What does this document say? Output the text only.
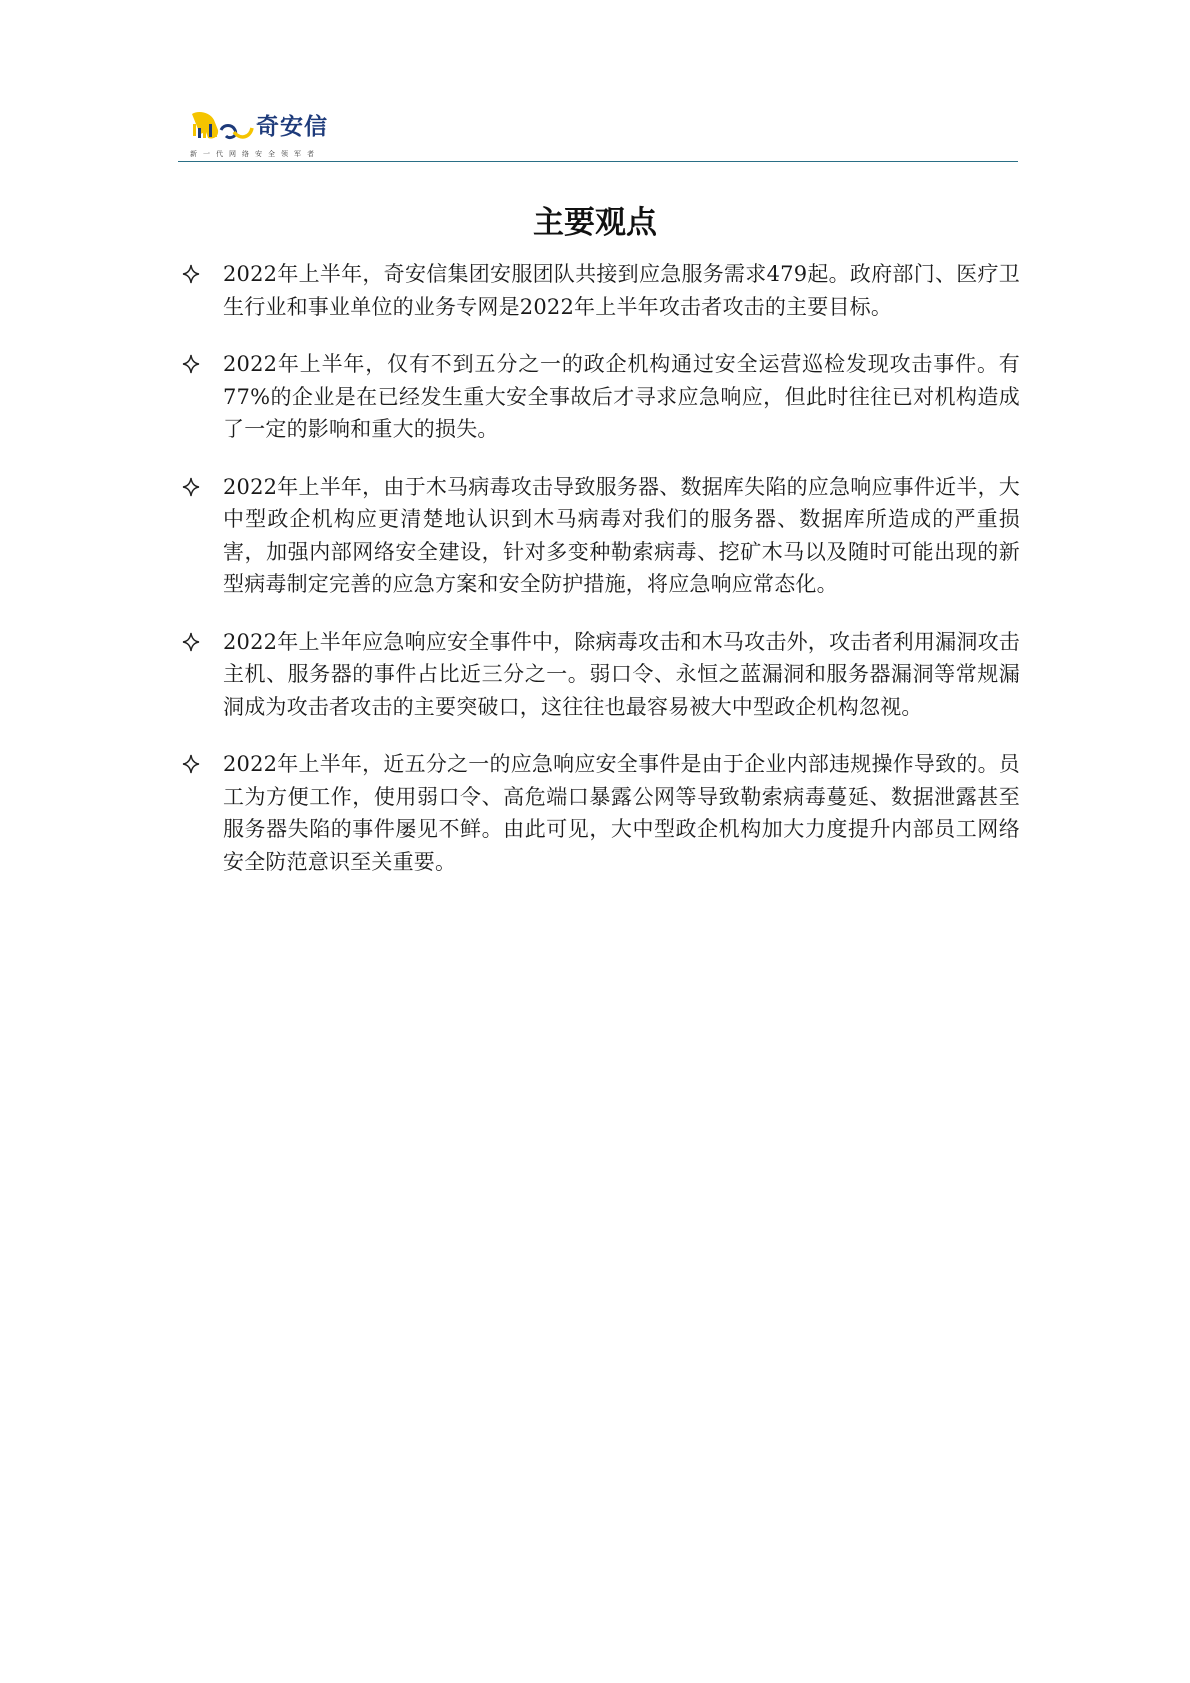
奇安信
新一代网络安全领军者
主要观点
2022年上半年，奇安信集团安服团队共接到应急服务需求479起。政府部门、医疗卫生行业和事业单位的业务专网是2022年上半年攻击者攻击的主要目标。
2022年上半年，仅有不到五分之一的政企机构通过安全运营巡检发现攻击事件。有77%的企业是在已经发生重大安全事故后才寻求应急响应，但此时往往已对机构造成了一定的影响和重大的损失。
2022年上半年，由于木马病毒攻击导致服务器、数据库失陷的应急响应事件近半，大中型政企机构应更清楚地认识到木马病毒对我们的服务器、数据库所造成的严重损害，加强内部网络安全建设，针对多变种勒索病毒、挖矿木马以及随时可能出现的新型病毒制定完善的应急方案和安全防护措施，将应急响应常态化。
2022年上半年应急响应安全事件中，除病毒攻击和木马攻击外，攻击者利用漏洞攻击主机、服务器的事件占比近三分之一。弱口令、永恒之蓝漏洞和服务器漏洞等常规漏洞成为攻击者攻击的主要突破口，这往往也最容易被大中型政企机构忽视。
2022年上半年，近五分之一的应急响应安全事件是由于企业内部违规操作导致的。员工为方便工作，使用弱口令、高危端口暴露公网等导致勒索病毒蔓延、数据泄露甚至服务器失陷的事件屡见不鲜。由此可见，大中型政企机构加大力度提升内部员工网络安全防范意识至关重要。
